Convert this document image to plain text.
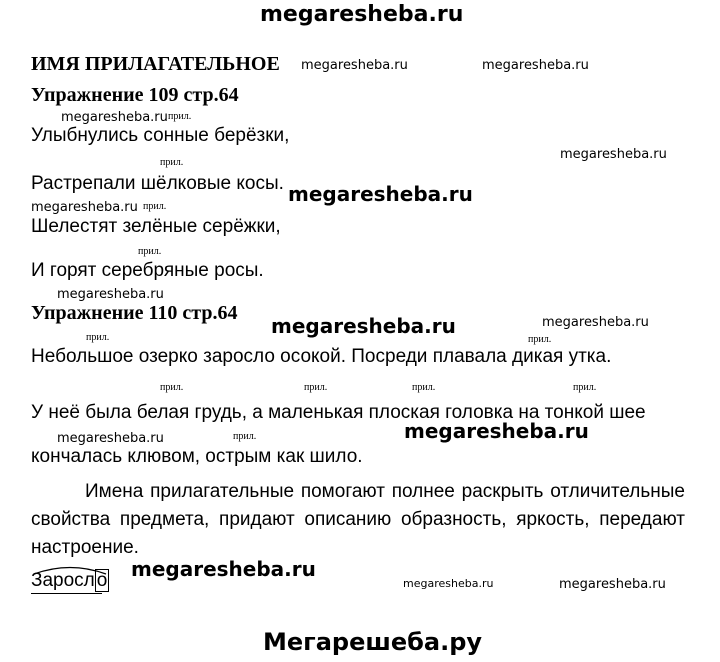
megaresheba.ru
ИМЯ ПРИЛАГАТЕЛЬНОЕ megaresheba.ru	megaresheba.ru
Упражнение 109 стр.64
megaresheba.ru прил.
Улыбнулись сонные берёзки,
прил.
megaresheba.ru
Растрепали шёлковые косы. megaresheba.ru
megaresheba.ru прил.
Шелестят зелёные серёжки,
прил.
И горят серебряные росы.
megaresheba.ru
Упражнение 110 стр.64
megaresheba.ru	megaresheba.ru
прил.	прил.
Небольшое озерко заросло осокой. Посреди плавала дикая утка.
прил.	прил.	прил.	прил.
У неё была белая грудь, а маленькая плоская головка на тонкой шее
megaresheba.ru	прил.
кончалась клювом, острым как шило.
megaresheba.ru
Имена прилагательные помогают полнее раскрыть отличительные свойства предмета, придают описанию образность, яркость, передают настроение.
Заросл о megaresheba.ru
megaresheba.ru	megaresheba.ru
Мегарешеба.ру
